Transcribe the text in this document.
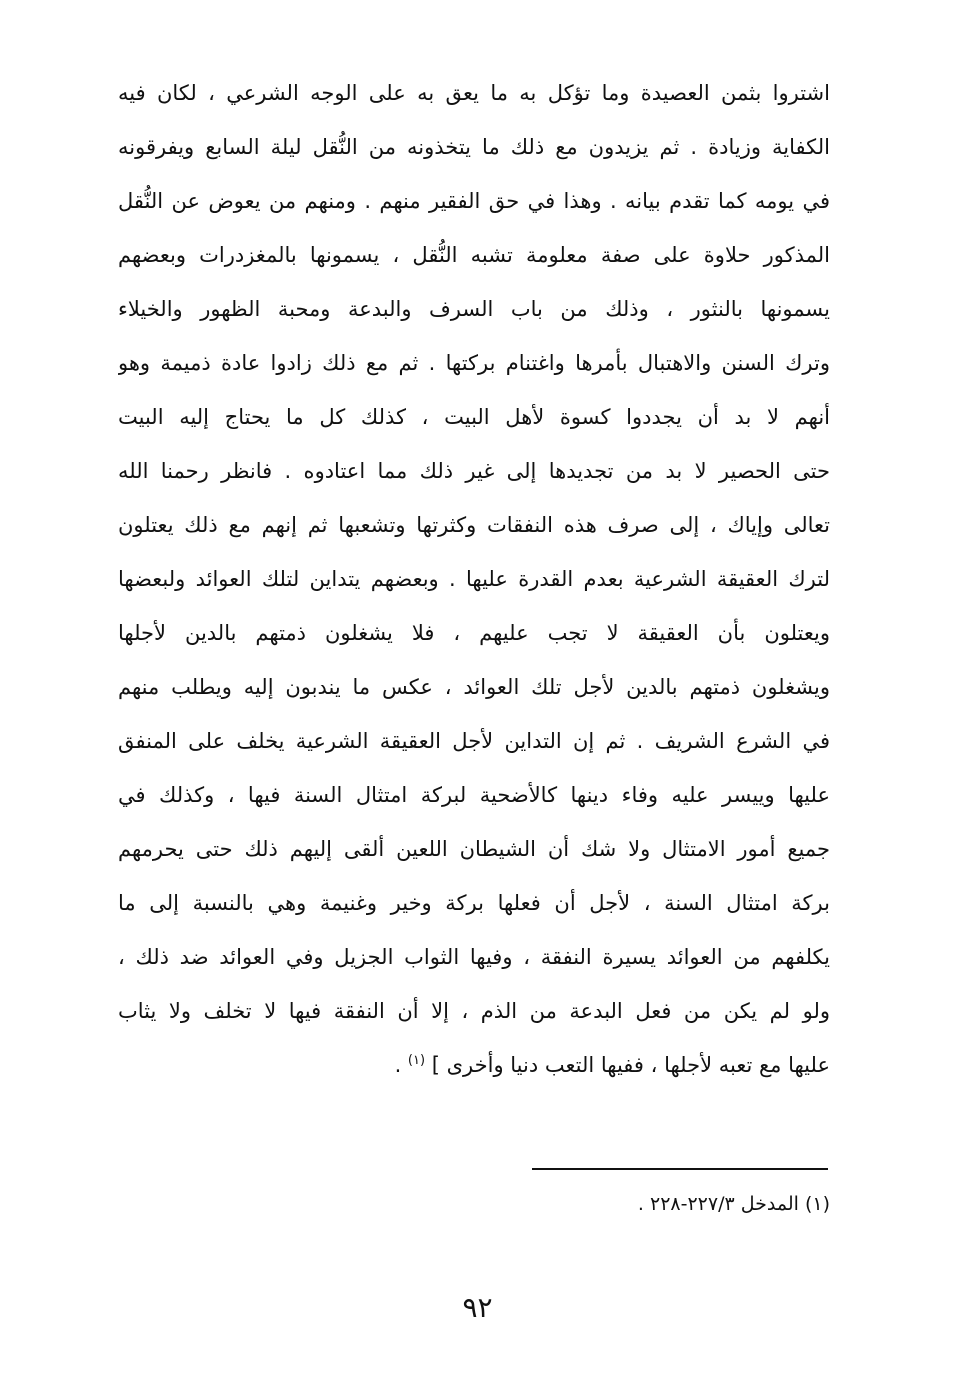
اشتروا بثمن العصيدة وما تؤكل به ما يعق به على الوجه الشرعي ، لكان فيه
الكفاية وزيادة . ثم يزيدون مع ذلك ما يتخذونه من النُّقل ليلة السابع ويفرقونه
في يومه كما تقدم بيانه . وهذا في حق الفقير منهم . ومنهم من يعوض عن النُّقل
المذكور حلاوة على صفة معلومة تشبه النُّقل ، يسمونها بالمغزدرات وبعضهم
يسمونها بالنثور ، وذلك من باب السرف والبدعة ومحبة الظهور والخيلاء
وترك السنن والاهتبال بأمرها واغتنام بركتها . ثم مع ذلك زادوا عادة ذميمة وهو
أنهم لا بد أن يجددوا كسوة لأهل البيت ، كذلك كل ما يحتاج إليه البيت
حتى الحصير لا بد من تجديدها إلى غير ذلك مما اعتادوه . فانظر رحمنا الله
تعالى وإياك ، إلى صرف هذه النفقات وكثرتها وتشعبها ثم إنهم مع ذلك يعتلون
لترك العقيقة الشرعية بعدم القدرة عليها . وبعضهم يتداين لتلك العوائد ولبعضها
ويعتلون بأن العقيقة لا تجب عليهم ، فلا يشغلون ذمتهم بالدين لأجلها
ويشغلون ذمتهم بالدين لأجل تلك العوائد ، عكس ما يندبون إليه ويطلب منهم
في الشرع الشريف . ثم إن التداين لأجل العقيقة الشرعية يخلف على المنفق
عليها وييسر عليه وفاء دينها كالأضحية لبركة امتثال السنة فيها ، وكذلك في
جميع أمور الامتثال ولا شك أن الشيطان اللعين ألقى إليهم ذلك حتى يحرمهم
بركة امتثال السنة ، لأجل أن فعلها بركة وخير وغنيمة وهي بالنسبة إلى ما
يكلفهم من العوائد يسيرة النفقة ، وفيها الثواب الجزيل وفي العوائد ضد ذلك ،
ولو لم يكن من فعل البدعة من الذم ، إلا أن النفقة فيها لا تخلف ولا يثاب
عليها مع تعبه لأجلها ، ففيها التعب دنيا وأخرى ] $^{(١)}$ .
(١) المدخل ٢٢٧/٣-٢٢٨ .
٩٢
